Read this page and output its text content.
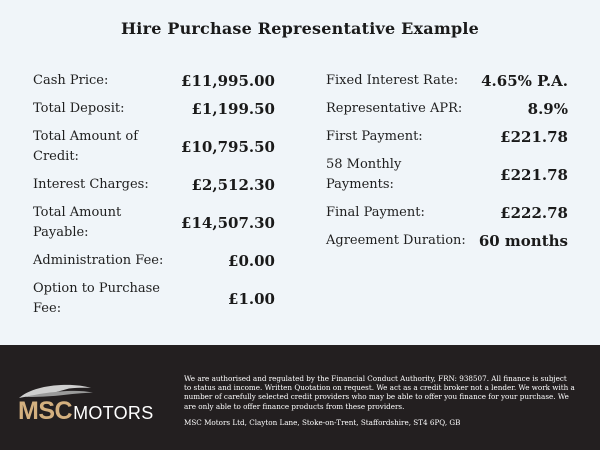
Hire Purchase Representative Example
Cash Price:	£11,995.00
Total Deposit:	£1,199.50
Total Amount of Credit:
£10,795.50
Interest Charges:	£2,512.30
Total Amount Payable:
£14,507.30
Administration Fee:	£0.00
Option to Purchase Fee:
£1.00
Fixed Interest Rate: 4.65% P.A.
Representative APR:	8.9%
First Payment:	£221.78
58 Monthly Payments:
£221.78
Final Payment:	£222.78
Agreement Duration: 60 months
MSCMOTORS
We are authorised and regulated by the Financial Conduct Authority, FRN: 938507. All finance is subject to status and income. Written Quotation on request. We act as a credit broker not a lender. We work with a number of carefully selected credit providers who may be able to offer you finance for your purchase. We are only able to offer finance products from these providers.
MSC Motors Ltd, Clayton Lane, Stoke-on-Trent, Staffordshire, ST4 6PQ, GB
